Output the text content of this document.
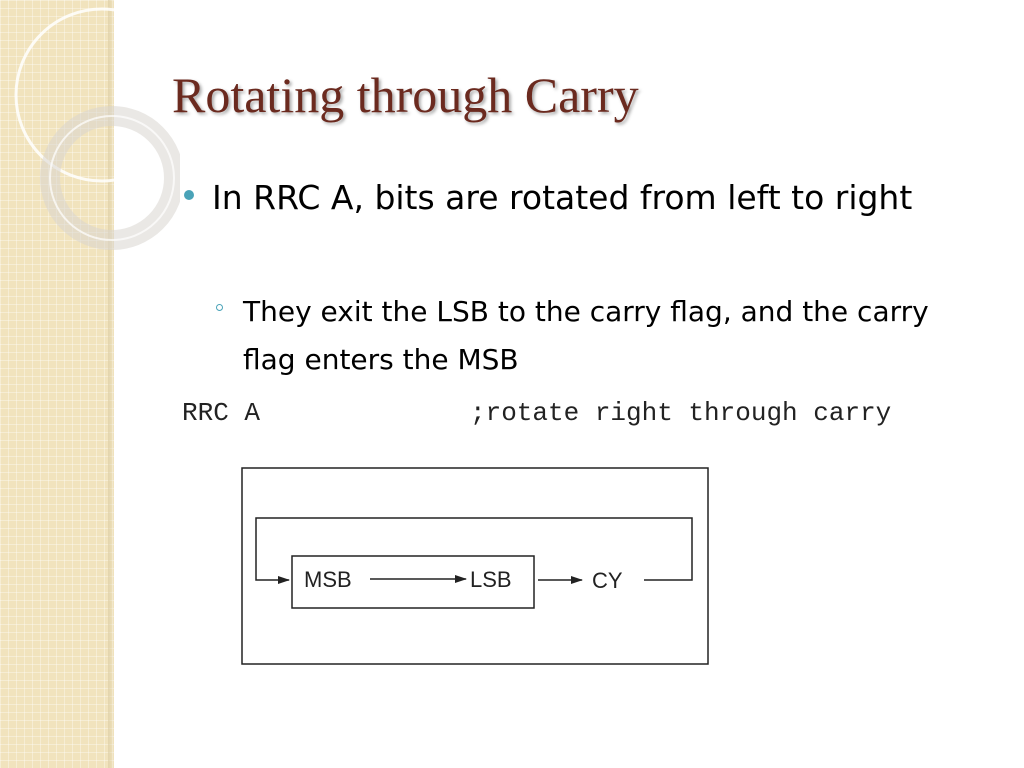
Rotating through Carry
In RRC A, bits are rotated from left to right
They exit the LSB to the carry flag, and the carry flag enters the MSB
RRC A	;rotate right through carry
MSB	LSB	CY
